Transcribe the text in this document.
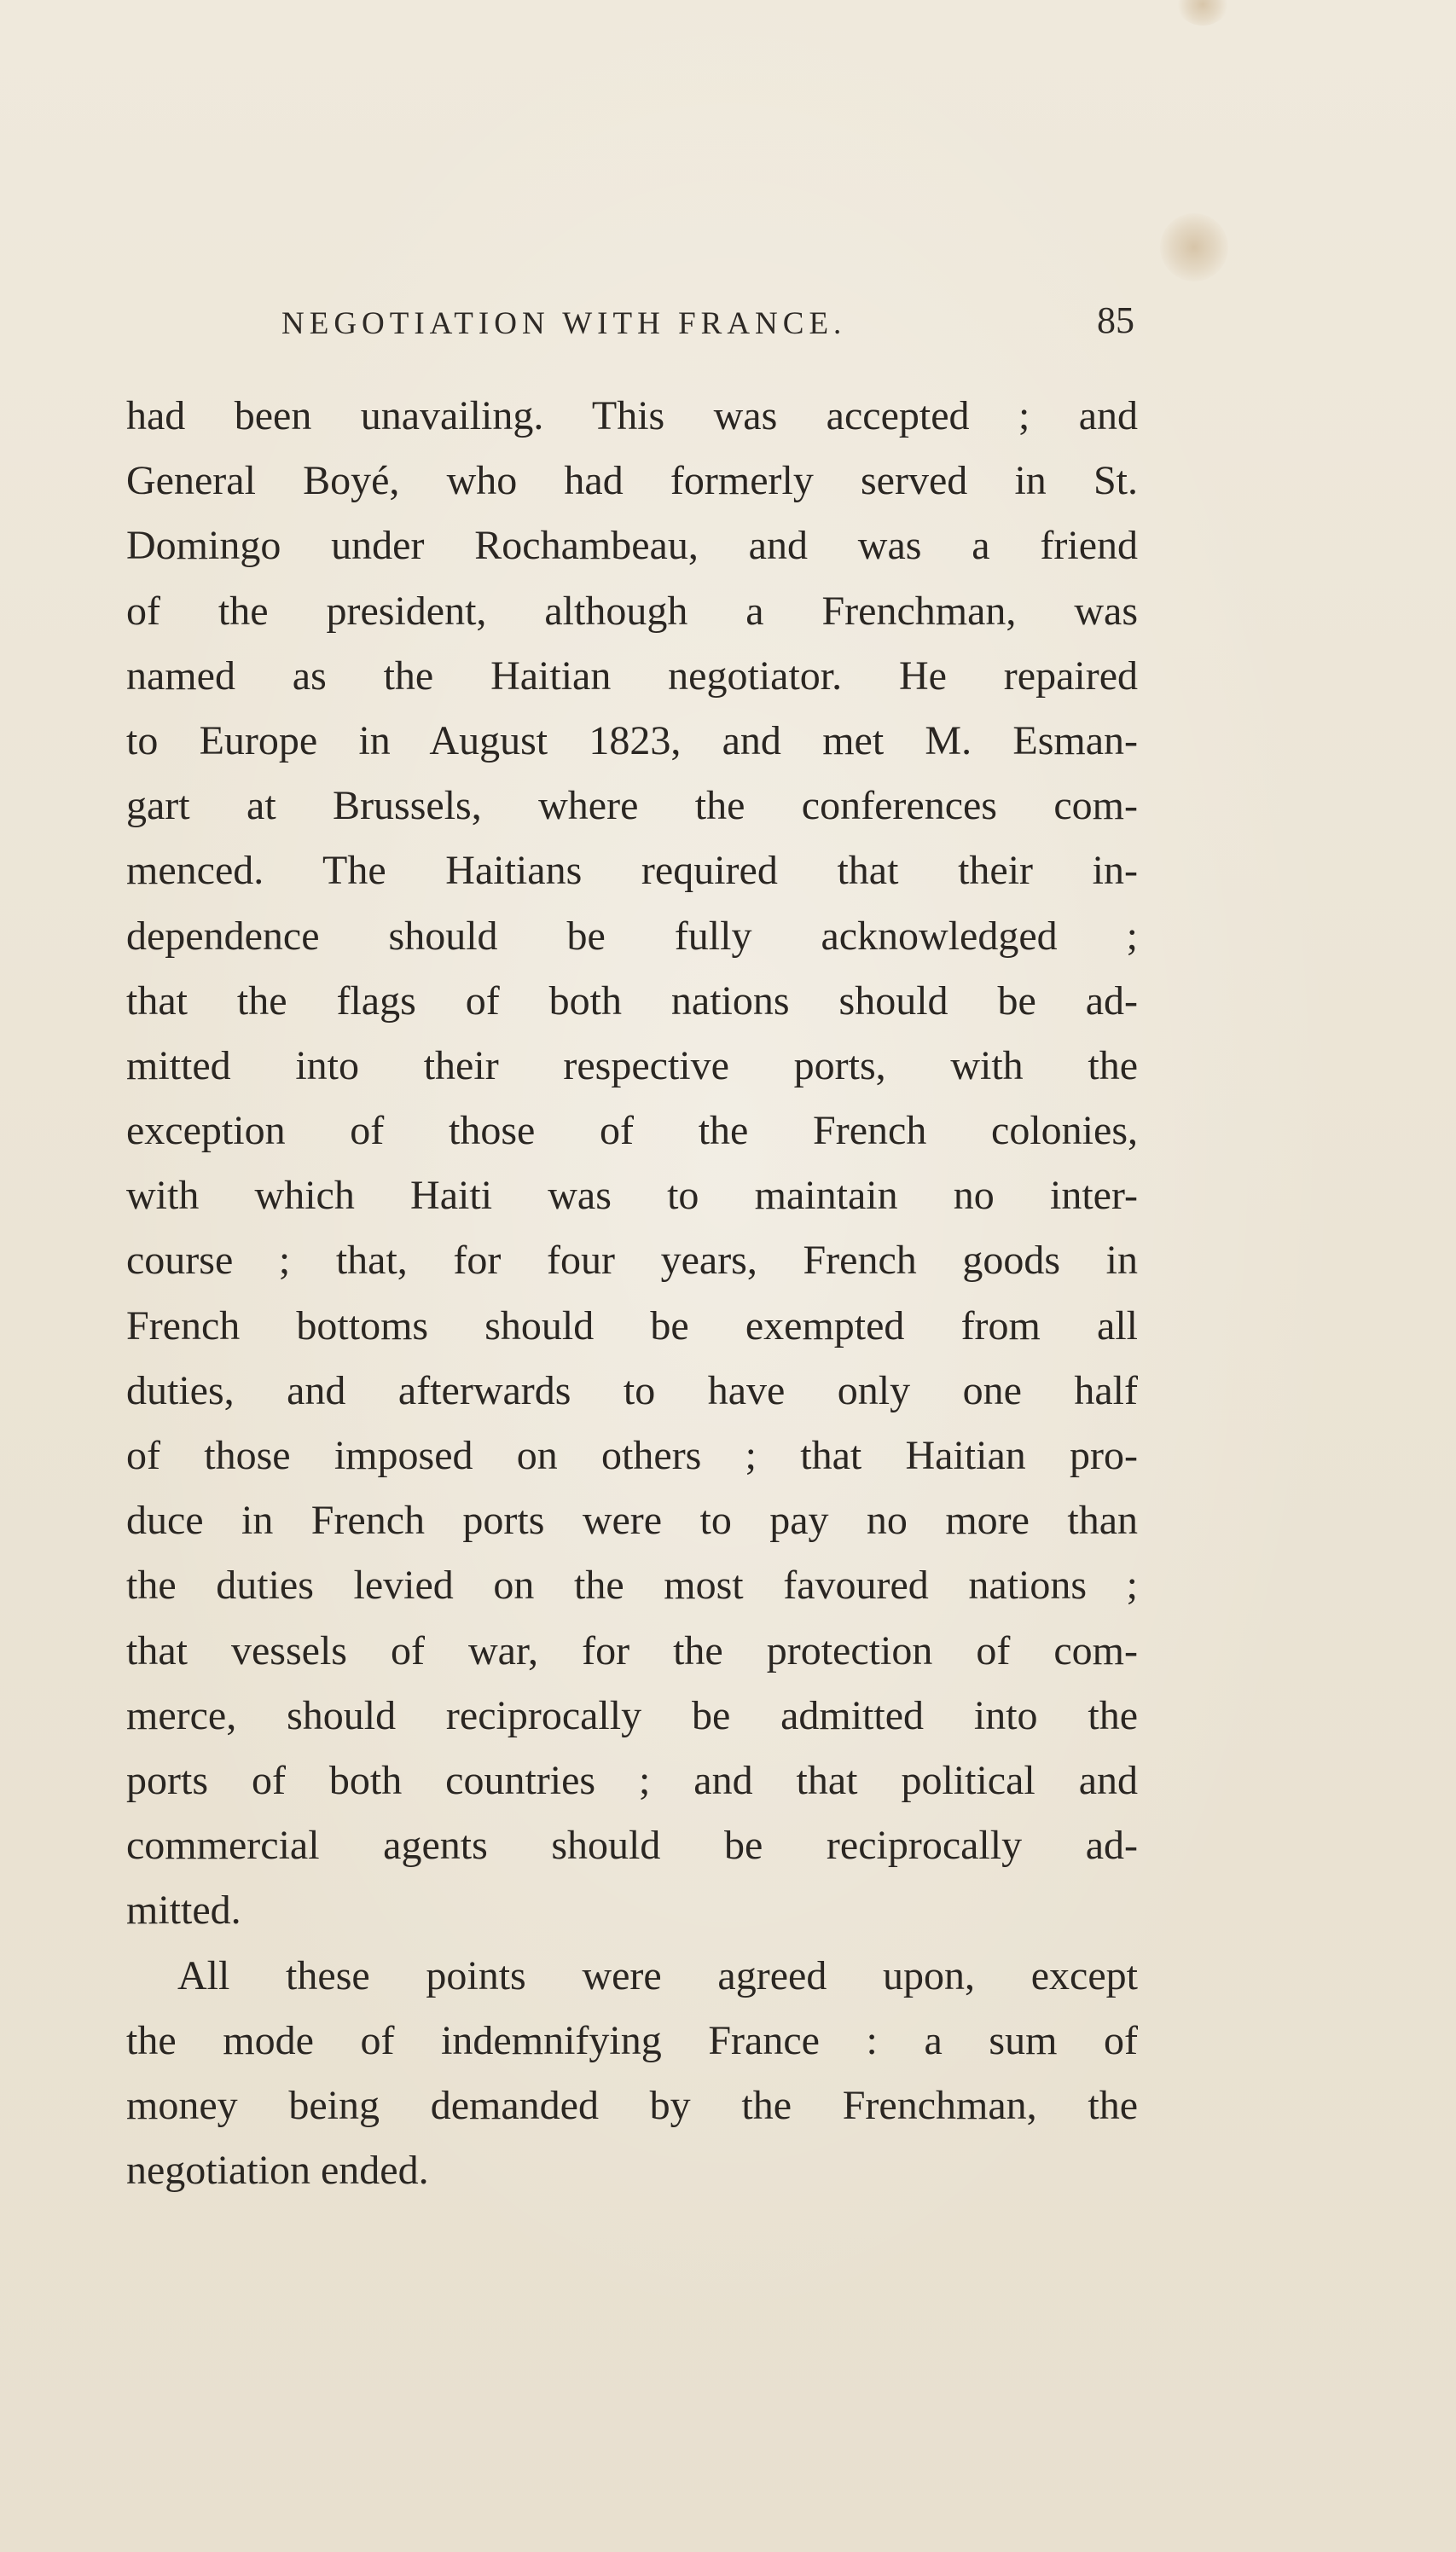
NEGOTIATION WITH FRANCE.	85
had been unavailing. This was accepted ; and
General Boyé, who had formerly served in St.
Domingo under Rochambeau, and was a friend
of the president, although a Frenchman, was
named as the Haitian negotiator. He repaired
to Europe in August 1823, and met M. Esman-
gart at Brussels, where the conferences com-
menced. The Haitians required that their in-
dependence should be fully acknowledged ;
that the flags of both nations should be ad-
mitted into their respective ports, with the
exception of those of the French colonies,
with which Haiti was to maintain no inter-
course ; that, for four years, French goods in
French bottoms should be exempted from all
duties, and afterwards to have only one half
of those imposed on others ; that Haitian pro-
duce in French ports were to pay no more than
the duties levied on the most favoured nations ;
that vessels of war, for the protection of com-
merce, should reciprocally be admitted into the
ports of both countries ; and that political and
commercial agents should be reciprocally ad-
mitted.
All these points were agreed upon, except
the mode of indemnifying France : a sum of
money being demanded by the Frenchman, the
negotiation ended.
